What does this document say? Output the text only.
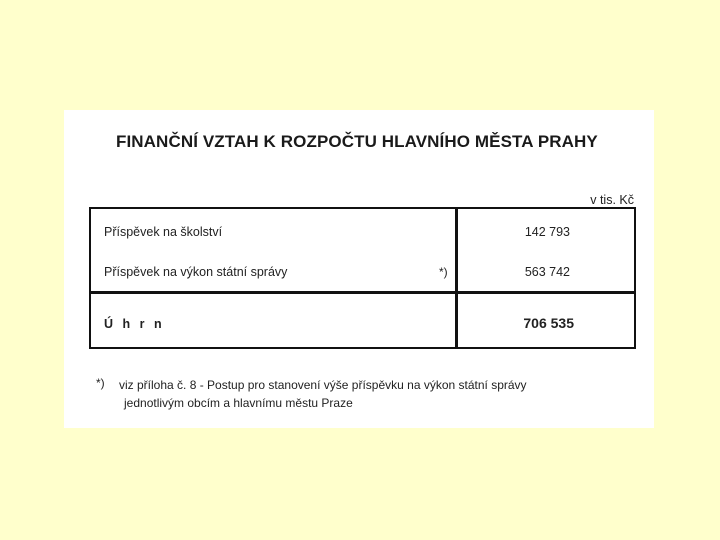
FINANČNÍ VZTAH K ROZPOČTU HLAVNÍHO MĚSTA PRAHY
v tis. Kč
Příspěvek na školství	142 793
Příspěvek na výkon státní správy	*)	563 742
Ú h r n	706 535
*) viz příloha č. 8 - Postup pro stanovení výše příspěvku na výkon státní správy
jednotlivým obcím a hlavnímu městu Praze
